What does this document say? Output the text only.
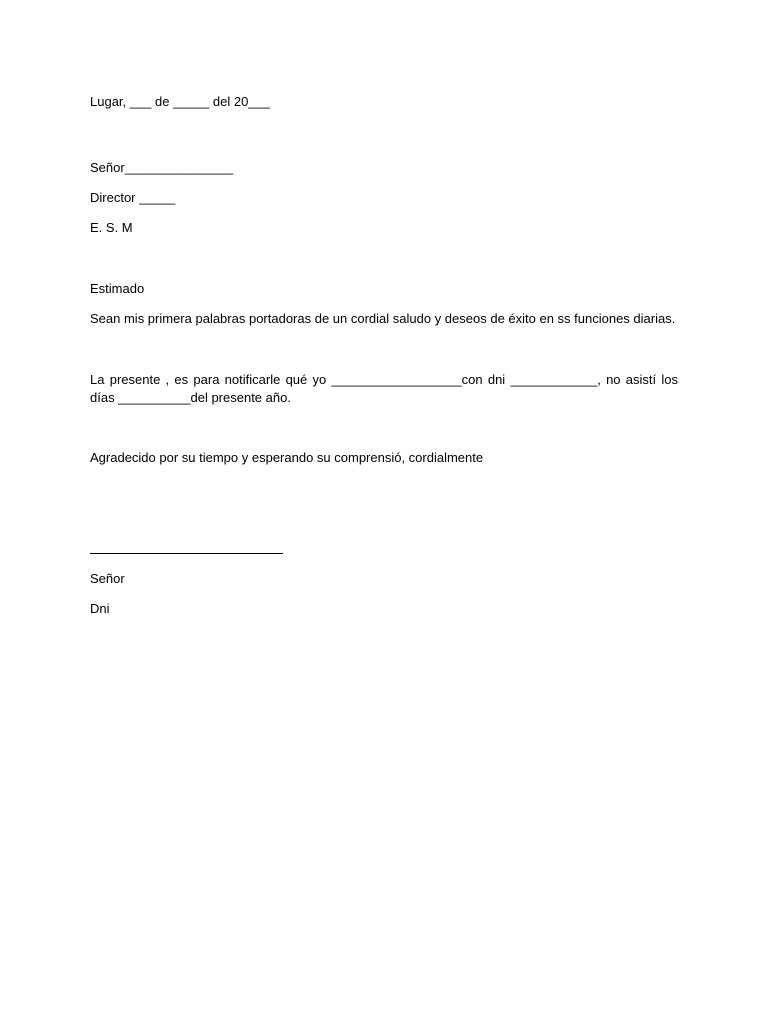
Lugar, ___ de _____ del 20___
Señor_______________
Director _____
E. S. M
Estimado
Sean mis primera palabras portadoras de un cordial saludo y deseos de éxito en ss funciones diarias.
La presente , es para notificarle qué yo __________________con dni ____________, no asistí los días __________del presente año.
Agradecido por su tiempo y esperando su comprensió, cordialmente
Señor
Dni
